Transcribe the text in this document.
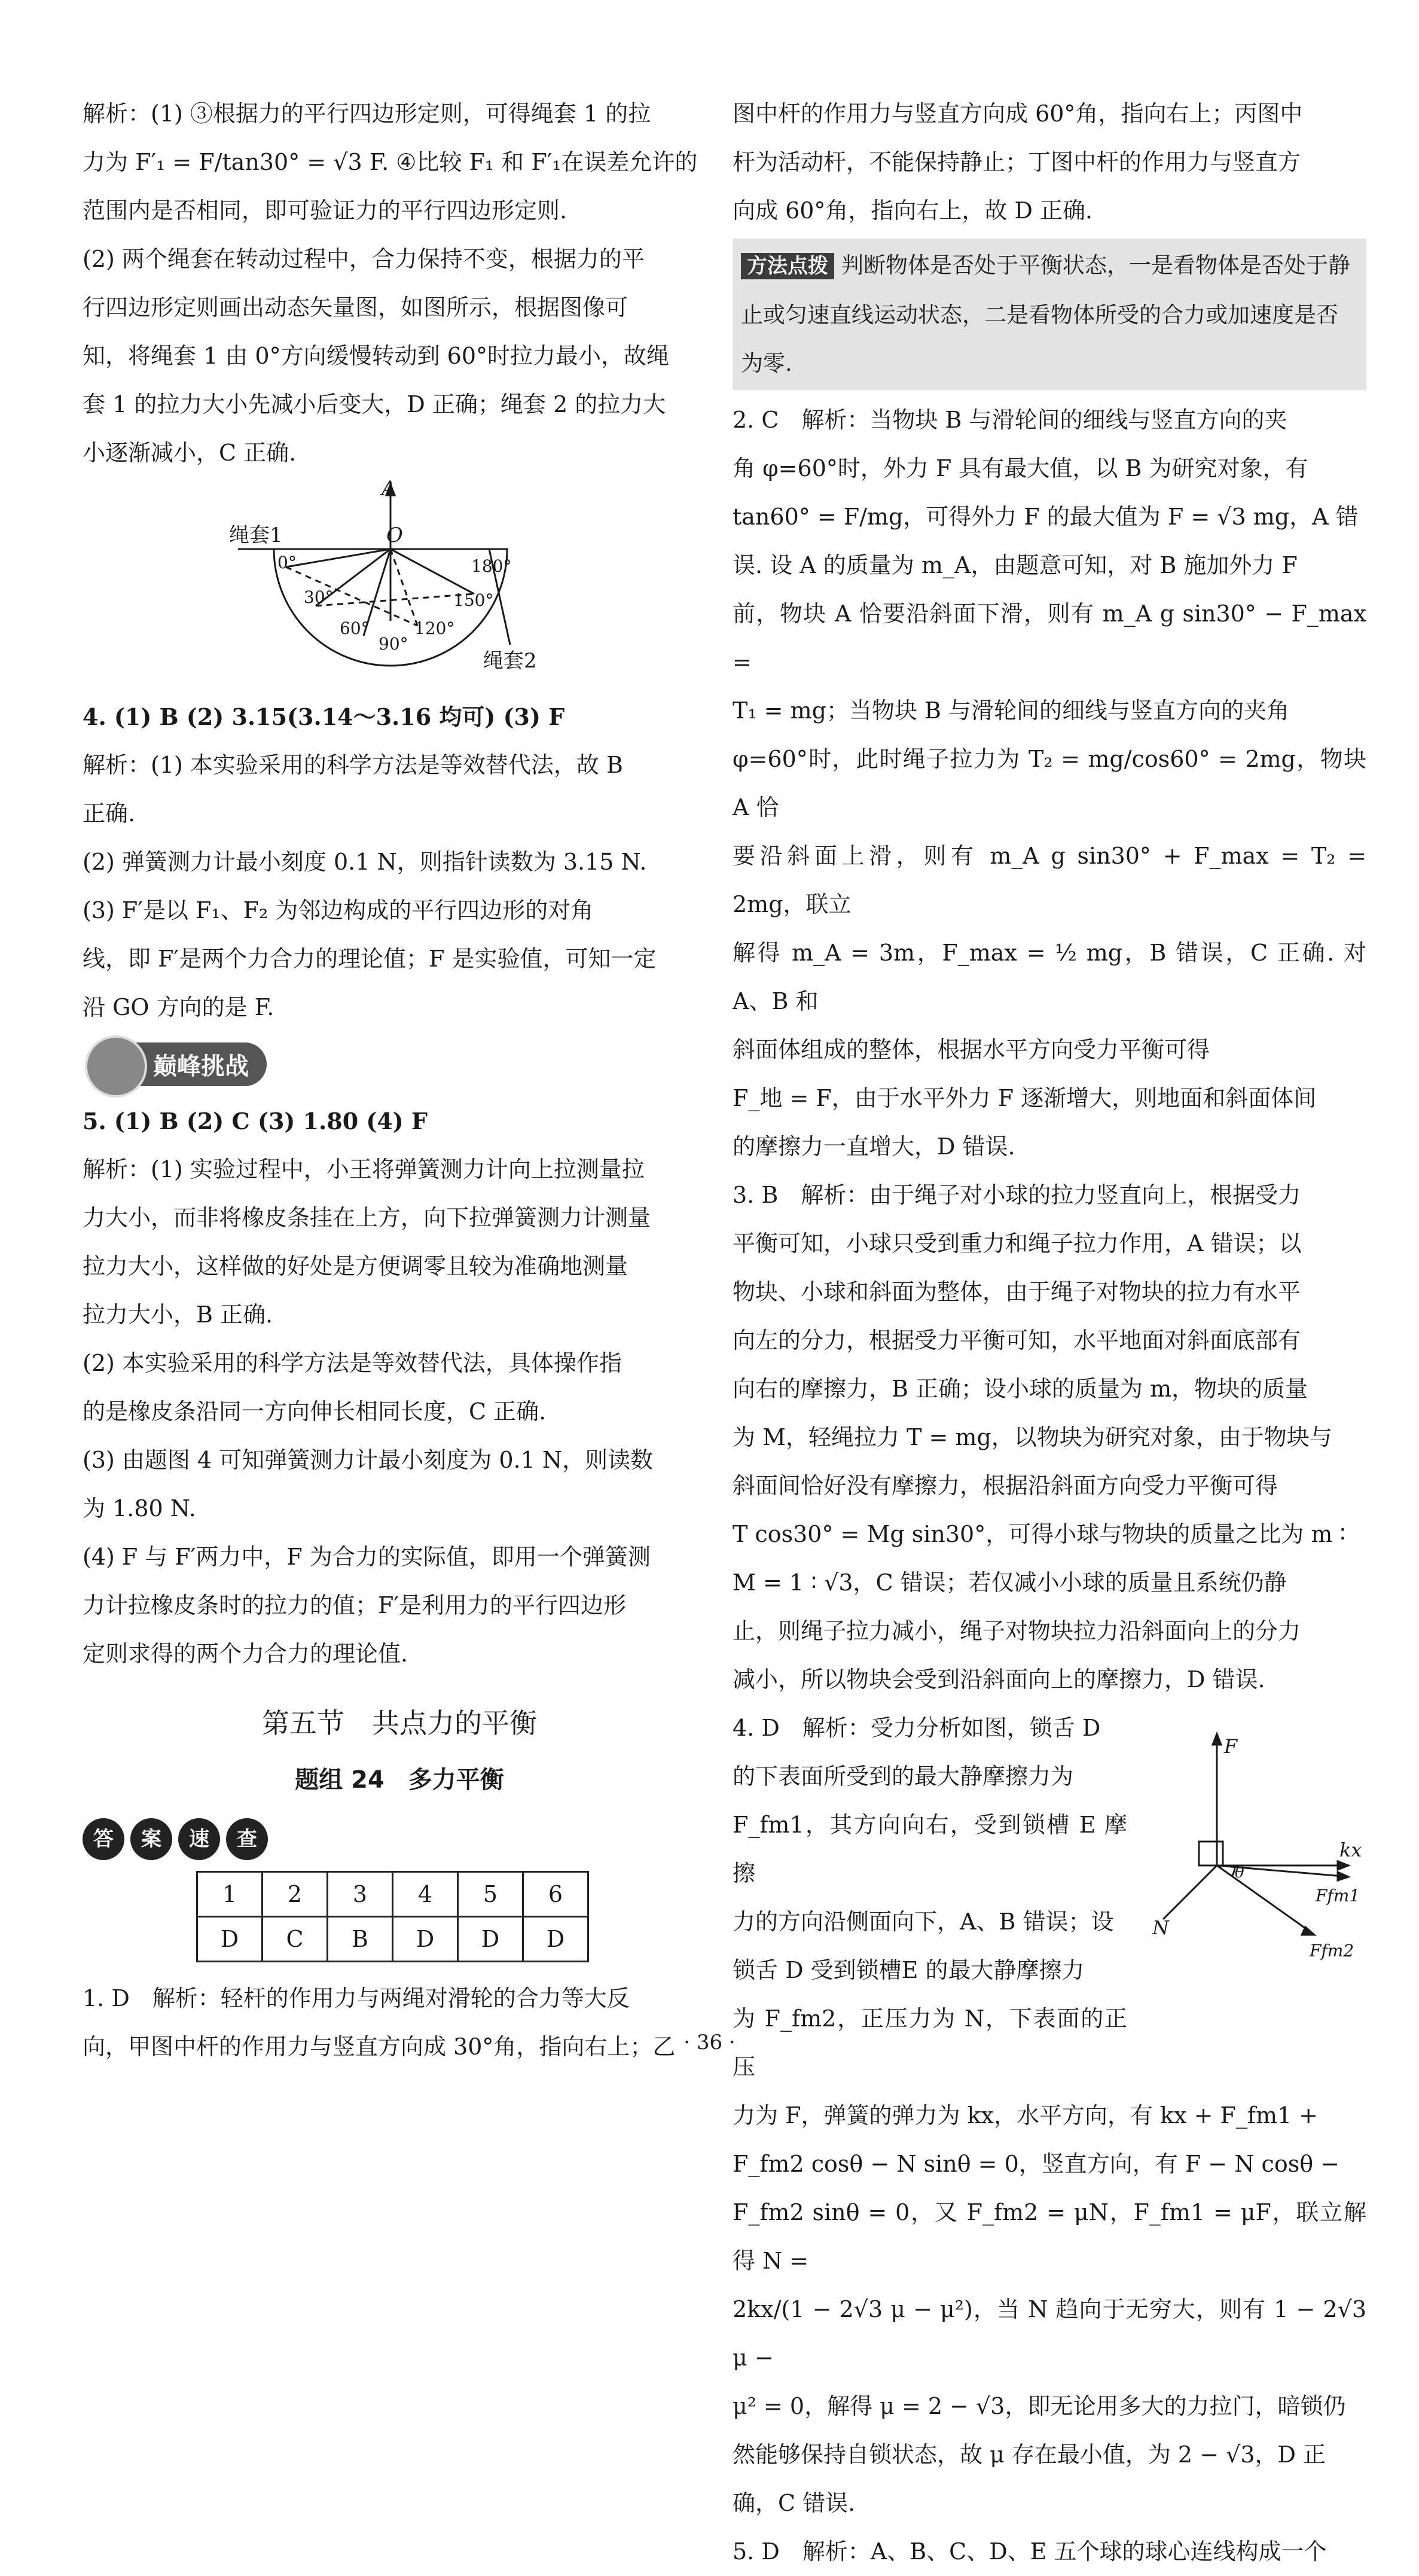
解析：(1) ③根据力的平行四边形定则，可得绳套 1 的拉

力为 F′₁ = F/tan30° = √3 F. ④比较 F₁ 和 F′₁在误差允许的

范围内是否相同，即可验证力的平行四边形定则.

(2) 两个绳套在转动过程中，合力保持不变，根据力的平

行四边形定则画出动态矢量图，如图所示，根据图像可

知，将绳套 1 由 0°方向缓慢转动到 60°时拉力最小，故绳

套 1 的拉力大小先减小后变大，D 正确；绳套 2 的拉力大

小逐渐减小，C 正确.

A
O
绳套1
绳套2
0°
30°
60°
90°
120°
150°
180°

4. (1) B (2) 3.15(3.14～3.16 均可) (3) F

解析：(1) 本实验采用的科学方法是等效替代法，故 B

正确.

(2) 弹簧测力计最小刻度 0.1 N，则指针读数为 3.15 N.

(3) F′是以 F₁、F₂ 为邻边构成的平行四边形的对角

线，即 F′是两个力合力的理论值；F 是实验值，可知一定

沿 GO 方向的是 F.

巅峰挑战

5. (1) B (2) C (3) 1.80 (4) F

解析：(1) 实验过程中，小王将弹簧测力计向上拉测量拉

力大小，而非将橡皮条挂在上方，向下拉弹簧测力计测量

拉力大小，这样做的好处是方便调零且较为准确地测量

拉力大小，B 正确.

(2) 本实验采用的科学方法是等效替代法，具体操作指

的是橡皮条沿同一方向伸长相同长度，C 正确.

(3) 由题图 4 可知弹簧测力计最小刻度为 0.1 N，则读数

为 1.80 N.

(4) F 与 F′两力中，F 为合力的实际值，即用一个弹簧测

力计拉橡皮条时的拉力的值；F′是利用力的平行四边形

定则求得的两个力合力的理论值.

第五节　共点力的平衡
题组 24　多力平衡
答	案	速	查
1	2	3	4	5	6
D	C	B	D	D	D

1. D　解析：轻杆的作用力与两绳对滑轮的合力等大反

向，甲图中杆的作用力与竖直方向成 30°角，指向右上；乙

图中杆的作用力与竖直方向成 60°角，指向右上；丙图中

杆为活动杆，不能保持静止；丁图中杆的作用力与竖直方

向成 60°角，指向右上，故 D 正确.

方法点拨 判断物体是否处于平衡状态，一是看物体是否处于静止或匀速直线运动状态，二是看物体所受的合力或加速度是否为零.

2. C　解析：当物块 B 与滑轮间的细线与竖直方向的夹

角 φ=60°时，外力 F 具有最大值，以 B 为研究对象，有

tan60° = F/mg，可得外力 F 的最大值为 F = √3 mg，A 错

误. 设 A 的质量为 m_A，由题意可知，对 B 施加外力 F

前，物块 A 恰要沿斜面下滑，则有 m_A g sin30° − F_max =

T₁ = mg；当物块 B 与滑轮间的细线与竖直方向的夹角

φ=60°时，此时绳子拉力为 T₂ = mg/cos60° = 2mg，物块 A 恰

要沿斜面上滑，则有 m_A g sin30° + F_max = T₂ = 2mg，联立

解得 m_A = 3m，F_max = ½ mg，B 错误，C 正确. 对 A、B 和

斜面体组成的整体，根据水平方向受力平衡可得

F_地 = F，由于水平外力 F 逐渐增大，则地面和斜面体间

的摩擦力一直增大，D 错误.

3. B　解析：由于绳子对小球的拉力竖直向上，根据受力

平衡可知，小球只受到重力和绳子拉力作用，A 错误；以

物块、小球和斜面为整体，由于绳子对物块的拉力有水平

向左的分力，根据受力平衡可知，水平地面对斜面底部有

向右的摩擦力，B 正确；设小球的质量为 m，物块的质量

为 M，轻绳拉力 T = mg，以物块为研究对象，由于物块与

斜面间恰好没有摩擦力，根据沿斜面方向受力平衡可得

T cos30° = Mg sin30°，可得小球与物块的质量之比为 m ∶

M = 1 ∶ √3，C 错误；若仅减小小球的质量且系统仍静

止，则绳子拉力减小，绳子对物块拉力沿斜面向上的分力

减小，所以物块会受到沿斜面向上的摩擦力，D 错误.

4. D　解析：受力分析如图，锁舌 D

的下表面所受到的最大静摩擦力为

F_fm1，其方向向右，受到锁槽 E 摩擦

力的方向沿侧面向下，A、B 错误；设

锁舌 D 受到锁槽E 的最大静摩擦力

为 F_fm2，正压力为 N，下表面的正压

F
kx
Ffm1
Ffm2
N
θ

力为 F，弹簧的弹力为 kx，水平方向，有 kx + F_fm1 +

F_fm2 cosθ − N sinθ = 0，竖直方向，有 F − N cosθ −

F_fm2 sinθ = 0，又 F_fm2 = μN，F_fm1 = μF，联立解得 N =

2kx/(1 − 2√3 μ − μ²)，当 N 趋向于无穷大，则有 1 − 2√3 μ −

μ² = 0，解得 μ = 2 − √3，即无论用多大的力拉门，暗锁仍

然能够保持自锁状态，故 μ 存在最小值，为 2 − √3，D 正

确，C 错误.

5. D　解析：A、B、C、D、E 五个球的球心连线构成一个

· 36 ·
